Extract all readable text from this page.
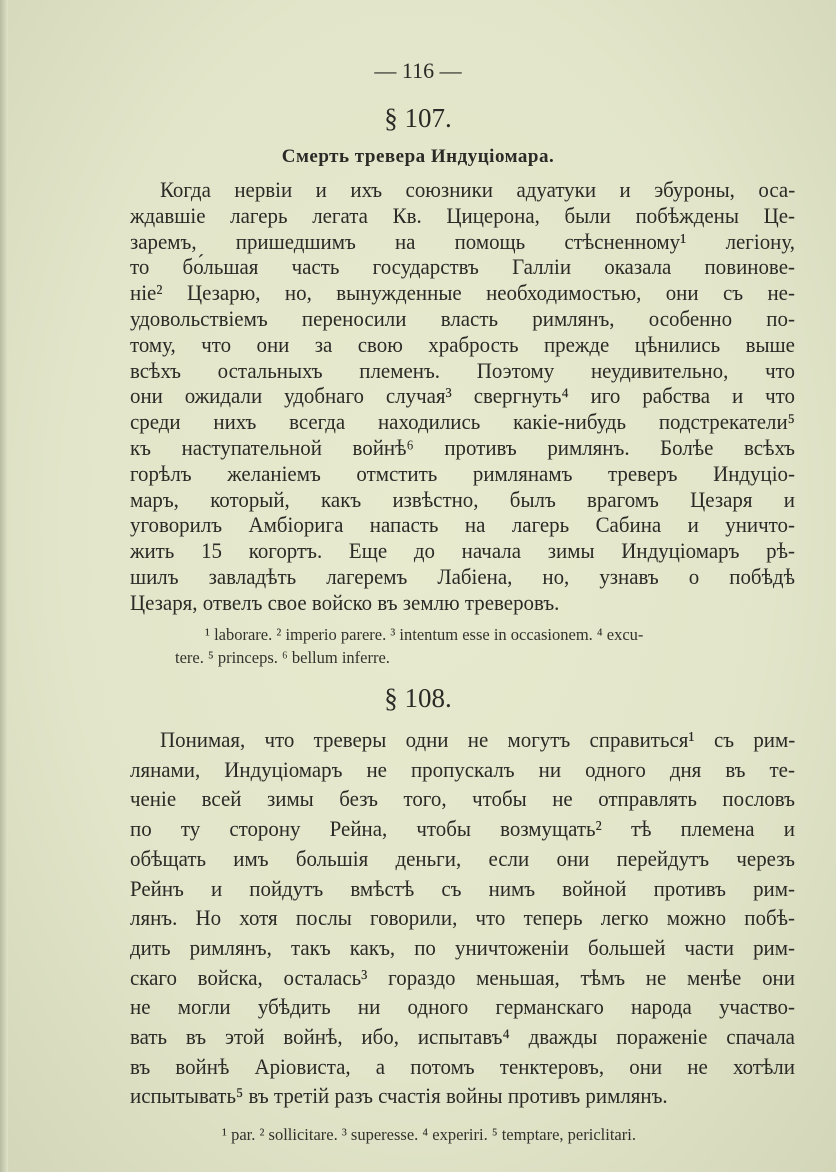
— 116 —
§ 107.
Смерть тревера Индуціомара.
Когда нервіи и ихъ союзники адуатуки и эбуроны, оса-
ждавшіе лагерь легата Кв. Цицерона, были побѣждены Це-
заремъ, пришедшимъ на помощь стѣсненному¹ легіону,
то бо́льшая часть государствъ Галліи оказала повинове-
ніе² Цезарю, но, вынужденные необходимостью, они съ не-
удовольствіемъ переносили власть римлянъ, особенно по-
тому, что они за свою храбрость прежде цѣнились выше
всѣхъ остальныхъ племенъ. Поэтому неудивительно, что
они ожидали удобнаго случая³ свергнуть⁴ иго рабства и что
среди нихъ всегда находились какіе-нибудь подстрекатели⁵
къ наступательной войнѣ⁶ противъ римлянъ. Болѣе всѣхъ
горѣлъ желаніемъ отмстить римлянамъ треверъ Индуціо-
маръ, который, какъ извѣстно, былъ врагомъ Цезаря и
уговорилъ Амбіорига напасть на лагерь Сабина и уничто-
жить 15 когортъ. Еще до начала зимы Индуціомаръ рѣ-
шилъ завладѣть лагеремъ Лабіена, но, узнавъ о побѣдѣ
Цезаря, отвелъ свое войско въ землю треверовъ.
¹ laborare. ² imperio parere. ³ intentum esse in occasionem. ⁴ excu-
tere. ⁵ princeps. ⁶ bellum inferre.
§ 108.
Понимая, что треверы одни не могутъ справиться¹ съ рим-
лянами, Индуціомаръ не пропускалъ ни одного дня въ те-
ченіе всей зимы безъ того, чтобы не отправлять пословъ
по ту сторону Рейна, чтобы возмущать² тѣ племена и
обѣщать имъ большія деньги, если они перейдутъ черезъ
Рейнъ и пойдутъ вмѣстѣ съ нимъ войной противъ рим-
лянъ. Но хотя послы говорили, что теперь легко можно побѣ-
дить римлянъ, такъ какъ, по уничтоженіи большей части рим-
скаго войска, осталась³ гораздо меньшая, тѣмъ не менѣе они
не могли убѣдить ни одного германскаго народа участво-
вать въ этой войнѣ, ибо, испытавъ⁴ дважды пораженіе спачала
въ войнѣ Аріовиста, а потомъ тенктеровъ, они не хотѣли
испытывать⁵ въ третій разъ счастія войны противъ римлянъ.
¹ par. ² sollicitare. ³ superesse. ⁴ experiri. ⁵ temptare, periclitari.
